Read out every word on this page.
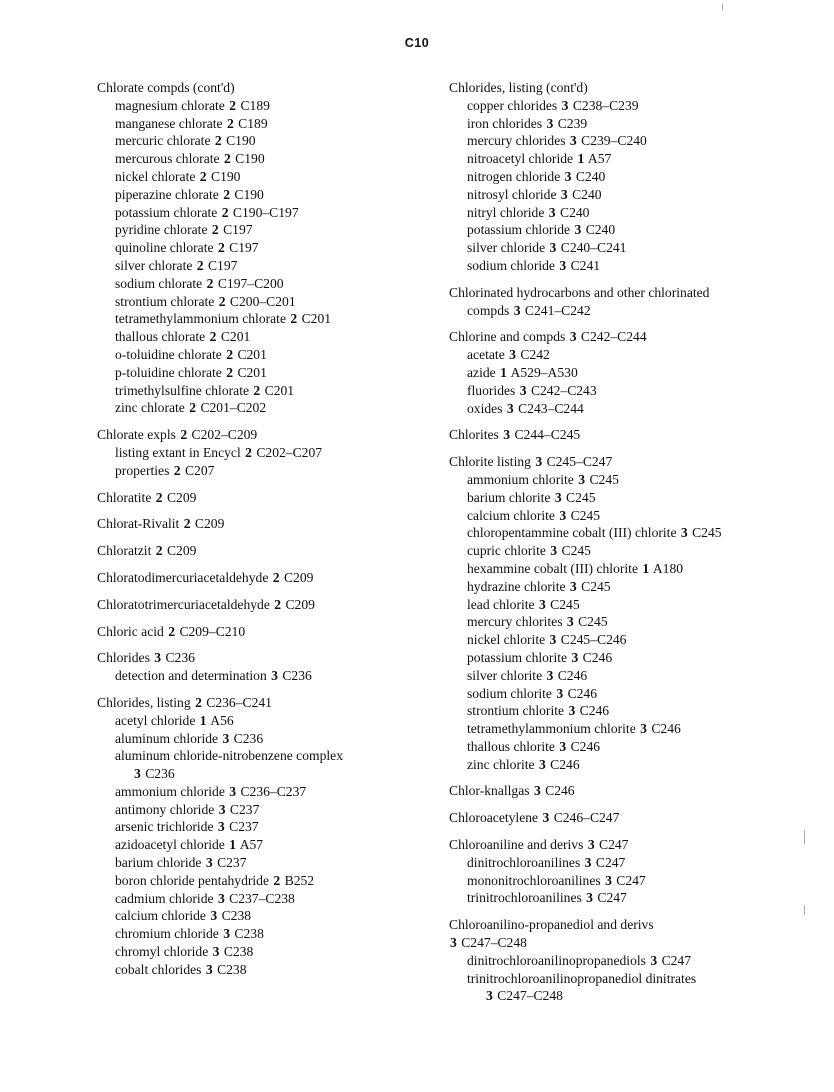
C10
Chlorate compds (cont'd)
magnesium chlorate 2 C189
manganese chlorate 2 C189
mercuric chlorate 2 C190
mercurous chlorate 2 C190
nickel chlorate 2 C190
piperazine chlorate 2 C190
potassium chlorate 2 C190–C197
pyridine chlorate 2 C197
quinoline chlorate 2 C197
silver chlorate 2 C197
sodium chlorate 2 C197–C200
strontium chlorate 2 C200–C201
tetramethylammonium chlorate 2 C201
thallous chlorate 2 C201
o-toluidine chlorate 2 C201
p-toluidine chlorate 2 C201
trimethylsulfine chlorate 2 C201
zinc chlorate 2 C201–C202
Chlorate expls 2 C202–C209
listing extant in Encycl 2 C202–C207
properties 2 C207
Chloratite 2 C209
Chlorat-Rivalit 2 C209
Chloratzit 2 C209
Chloratodimercuriacetaldehyde 2 C209
Chloratotrimercuriacetaldehyde 2 C209
Chloric acid 2 C209–C210
Chlorides 3 C236
detection and determination 3 C236
Chlorides, listing 2 C236–C241
acetyl chloride 1 A56
aluminum chloride 3 C236
aluminum chloride-nitrobenzene complex
3 C236
ammonium chloride 3 C236–C237
antimony chloride 3 C237
arsenic trichloride 3 C237
azidoacetyl chloride 1 A57
barium chloride 3 C237
boron chloride pentahydride 2 B252
cadmium chloride 3 C237–C238
calcium chloride 3 C238
chromium chloride 3 C238
chromyl chloride 3 C238
cobalt chlorides 3 C238
Chlorides, listing (cont'd)
copper chlorides 3 C238–C239
iron chlorides 3 C239
mercury chlorides 3 C239–C240
nitroacetyl chloride 1 A57
nitrogen chloride 3 C240
nitrosyl chloride 3 C240
nitryl chloride 3 C240
potassium chloride 3 C240
silver chloride 3 C240–C241
sodium chloride 3 C241
Chlorinated hydrocarbons and other chlorinated
compds 3 C241–C242
Chlorine and compds 3 C242–C244
acetate 3 C242
azide 1 A529–A530
fluorides 3 C242–C243
oxides 3 C243–C244
Chlorites 3 C244–C245
Chlorite listing 3 C245–C247
ammonium chlorite 3 C245
barium chlorite 3 C245
calcium chlorite 3 C245
chloropentammine cobalt (III) chlorite 3 C245
cupric chlorite 3 C245
hexammine cobalt (III) chlorite 1 A180
hydrazine chlorite 3 C245
lead chlorite 3 C245
mercury chlorites 3 C245
nickel chlorite 3 C245–C246
potassium chlorite 3 C246
silver chlorite 3 C246
sodium chlorite 3 C246
strontium chlorite 3 C246
tetramethylammonium chlorite 3 C246
thallous chlorite 3 C246
zinc chlorite 3 C246
Chlor-knallgas 3 C246
Chloroacetylene 3 C246–C247
Chloroaniline and derivs 3 C247
dinitrochloroanilines 3 C247
mononitrochloroanilines 3 C247
trinitrochloroanilines 3 C247
Chloroanilino-propanediol and derivs
3 C247–C248
dinitrochloroanilinopropanediols 3 C247
trinitrochloroanilinopropanediol dinitrates
3 C247–C248
